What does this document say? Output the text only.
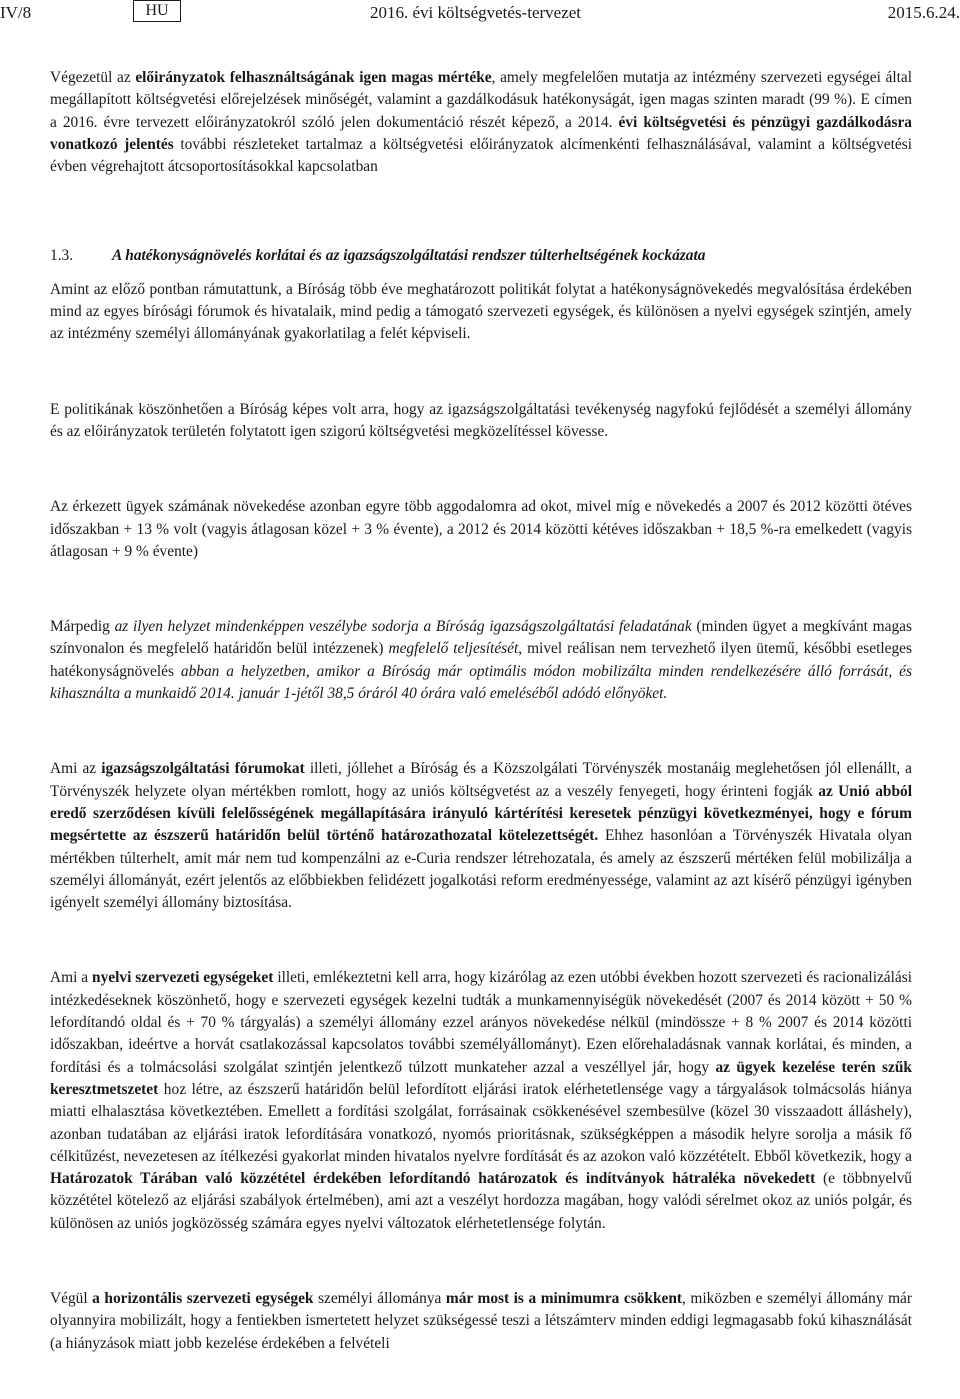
IV/8	HU	2016. évi költségvetés-tervezet	2015.6.24.

Végezetül az előirányzatok felhasználtságának igen magas mértéke, amely megfelelően mutatja az intézmény szervezeti egységei által megállapított költségvetési előrejelzések minőségét, valamint a gazdálkodásuk hatékonyságát, igen magas szinten maradt (99 %). E címen a 2016. évre tervezett előirányzatokról szóló jelen dokumentáció részét képező, a 2014. évi költségvetési és pénzügyi gazdálkodásra vonatkozó jelentés további részleteket tartalmaz a költségvetési előirányzatok alcímenkénti felhasználásával, valamint a költségvetési évben végrehajtott átcsoportosításokkal kapcsolatban

1.3.	A hatékonyságnövelés korlátai és az igazságszolgáltatási rendszer túlterheltségének kockázata

Amint az előző pontban rámutattunk, a Bíróság több éve meghatározott politikát folytat a hatékonyságnövekedés megvalósítása érdekében mind az egyes bírósági fórumok és hivatalaik, mind pedig a támogató szervezeti egységek, és különösen a nyelvi egységek szintjén, amely az intézmény személyi állományának gyakorlatilag a felét képviseli.

E politikának köszönhetően a Bíróság képes volt arra, hogy az igazságszolgáltatási tevékenység nagyfokú fejlődését a személyi állomány és az előirányzatok területén folytatott igen szigorú költségvetési megközelítéssel kövesse.

Az érkezett ügyek számának növekedése azonban egyre több aggodalomra ad okot, mivel míg e növekedés a 2007 és 2012 közötti ötéves időszakban + 13 % volt (vagyis átlagosan közel + 3 % évente), a 2012 és 2014 közötti kétéves időszakban + 18,5 %-ra emelkedett (vagyis átlagosan + 9 % évente)

Márpedig az ilyen helyzet mindenképpen veszélybe sodorja a Bíróság igazságszolgáltatási feladatának (minden ügyet a megkívánt magas színvonalon és megfelelő határidőn belül intézzenek) megfelelő teljesítését, mivel reálisan nem tervezhető ilyen ütemű, későbbi esetleges hatékonyságnövelés abban a helyzetben, amikor a Bíróság már optimális módon mobilizálta minden rendelkezésére álló forrását, és kihasználta a munkaidő 2014. január 1-jétől 38,5 óráról 40 órára való emeléséből adódó előnyöket.

Ami az igazságszolgáltatási fórumokat illeti, jóllehet a Bíróság és a Közszolgálati Törvényszék mostanáig meglehetősen jól ellenállt, a Törvényszék helyzete olyan mértékben romlott, hogy az uniós költségvetést az a veszély fenyegeti, hogy érinteni fogják az Unió abból eredő szerződésen kívüli felelősségének megállapítására irányuló kártérítési keresetek pénzügyi következményei, hogy e fórum megsértette az észszerű határidőn belül történő határozathozatal kötelezettségét. Ehhez hasonlóan a Törvényszék Hivatala olyan mértékben túlterhelt, amit már nem tud kompenzálni az e-Curia rendszer létrehozatala, és amely az észszerű mértéken felül mobilizálja a személyi állományát, ezért jelentős az előbbiekben felidézett jogalkotási reform eredményessége, valamint az azt kísérő pénzügyi igényben igényelt személyi állomány biztosítása.

Ami a nyelvi szervezeti egységeket illeti, emlékeztetni kell arra, hogy kizárólag az ezen utóbbi években hozott szervezeti és racionalizálási intézkedéseknek köszönhető, hogy e szervezeti egységek kezelni tudták a munkamennyiségük növekedését (2007 és 2014 között + 50 % lefordítandó oldal és + 70 % tárgyalás) a személyi állomány ezzel arányos növekedése nélkül (mindössze + 8 % 2007 és 2014 közötti időszakban, ideértve a horvát csatlakozással kapcsolatos további személyállományt). Ezen előrehaladásnak vannak korlátai, és minden, a fordítási és a tolmácsolási szolgálat szintjén jelentkező túlzott munkateher azzal a veszéllyel jár, hogy az ügyek kezelése terén szűk keresztmetszetet hoz létre, az észszerű határidőn belül lefordított eljárási iratok elérhetetlensége vagy a tárgyalások tolmácsolás hiánya miatti elhalasztása következtében. Emellett a fordítási szolgálat, forrásainak csökkenésével szembesülve (közel 30 visszaadott álláshely), azonban tudatában az eljárási iratok lefordítására vonatkozó, nyomós prioritásnak, szükségképpen a második helyre sorolja a másik fő célkitűzést, nevezetesen az ítélkezési gyakorlat minden hivatalos nyelvre fordítását és az azokon való közzétételt. Ebből következik, hogy a Határozatok Tárában való közzététel érdekében lefordítandó határozatok és indítványok hátraléka növekedett (e többnyelvű közzététel kötelező az eljárási szabályok értelmében), ami azt a veszélyt hordozza magában, hogy valódi sérelmet okoz az uniós polgár, és különösen az uniós jogközösség számára egyes nyelvi változatok elérhetetlensége folytán.

Végül a horizontális szervezeti egységek személyi állománya már most is a minimumra csökkent, miközben e személyi állomány már olyannyira mobilizált, hogy a fentiekben ismertetett helyzet szükségessé teszi a létszámterv minden eddigi legmagasabb fokú kihasználását (a hiányzások miatt jobb kezelése érdekében a felvételi
